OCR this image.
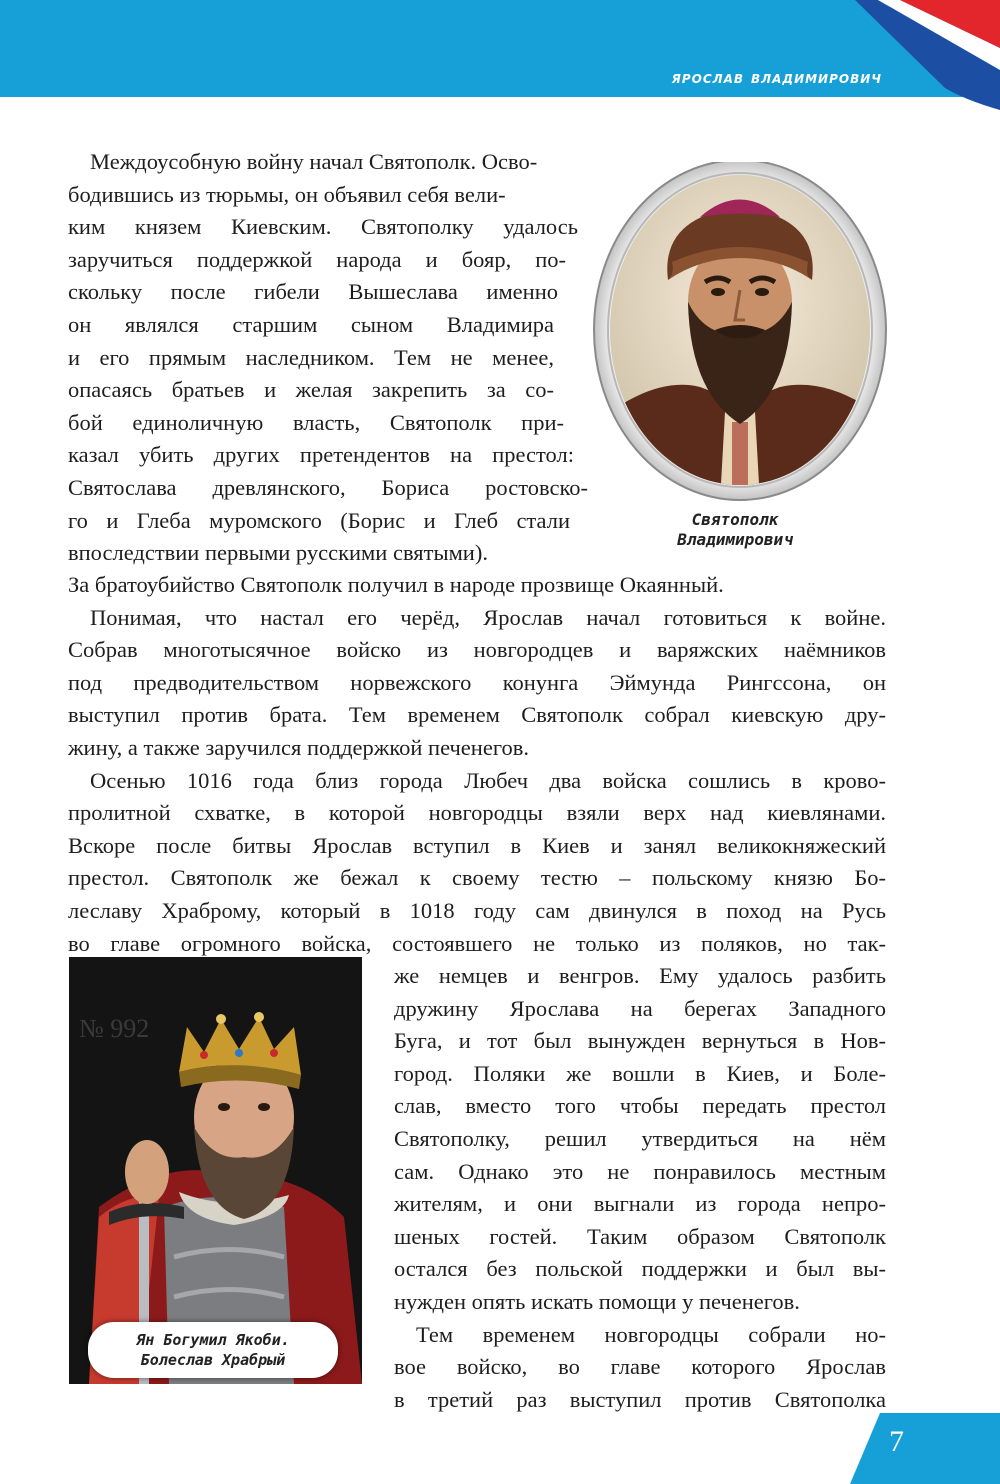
ярослав владимирович

Междоусобную войну начал Святополк. Осво-

бодившись из тюрьмы, он объявил себя вели-

ким князем Киевским. Святополку удалось

заручиться поддержкой народа и бояр, по-

скольку после гибели Вышеслава именно

он являлся старшим сыном Владимира

и его прямым наследником. Тем не менее,

опасаясь братьев и желая закрепить за со-

бой единоличную власть, Святополк при-

казал убить других претендентов на престол:

Святослава древлянского, Бориса ростовско-

го и Глеба муромского (Борис и Глеб стали

впоследствии первыми русскими святыми).

За братоубийство Святополк получил в народе прозвище Окаянный.

Понимая, что настал его черёд, Ярослав начал готовиться к войне.

Собрав многотысячное войско из новгородцев и варяжских наёмников

под предводительством норвежского конунга Эймунда Рингссона, он

выступил против брата. Тем временем Святополк собрал киевскую дру-

жину, а также заручился поддержкой печенегов.

Осенью 1016 года близ города Любеч два войска сошлись в крово-

пролитной схватке, в которой новгородцы взяли верх над киевлянами.

Вскоре после битвы Ярослав вступил в Киев и занял великокняжеский

престол. Святополк же бежал к своему тестю – польскому князю Бо-

леславу Храброму, который в 1018 году сам двинулся в поход на Русь

во главе огромного войска, состоявшего не только из поляков, но так-

же немцев и венгров. Ему удалось разбить

дружину Ярослава на берегах Западного

Буга, и тот был вынужден вернуться в Нов-

город. Поляки же вошли в Киев, и Боле-

слав, вместо того чтобы передать престол

Святополку, решил утвердиться на нём

сам. Однако это не понравилось местным

жителям, и они выгнали из города непро-

шеных гостей. Таким образом Святополк

остался без польской поддержки и был вы-

нужден опять искать помощи у печенегов.

Тем временем новгородцы собрали но-

вое войско, во главе которого Ярослав

в третий раз выступил против Святополка

Святополк
Владимирович
№ 992
Ян Богумил Якоби.
Болеслав Храбрый
7
